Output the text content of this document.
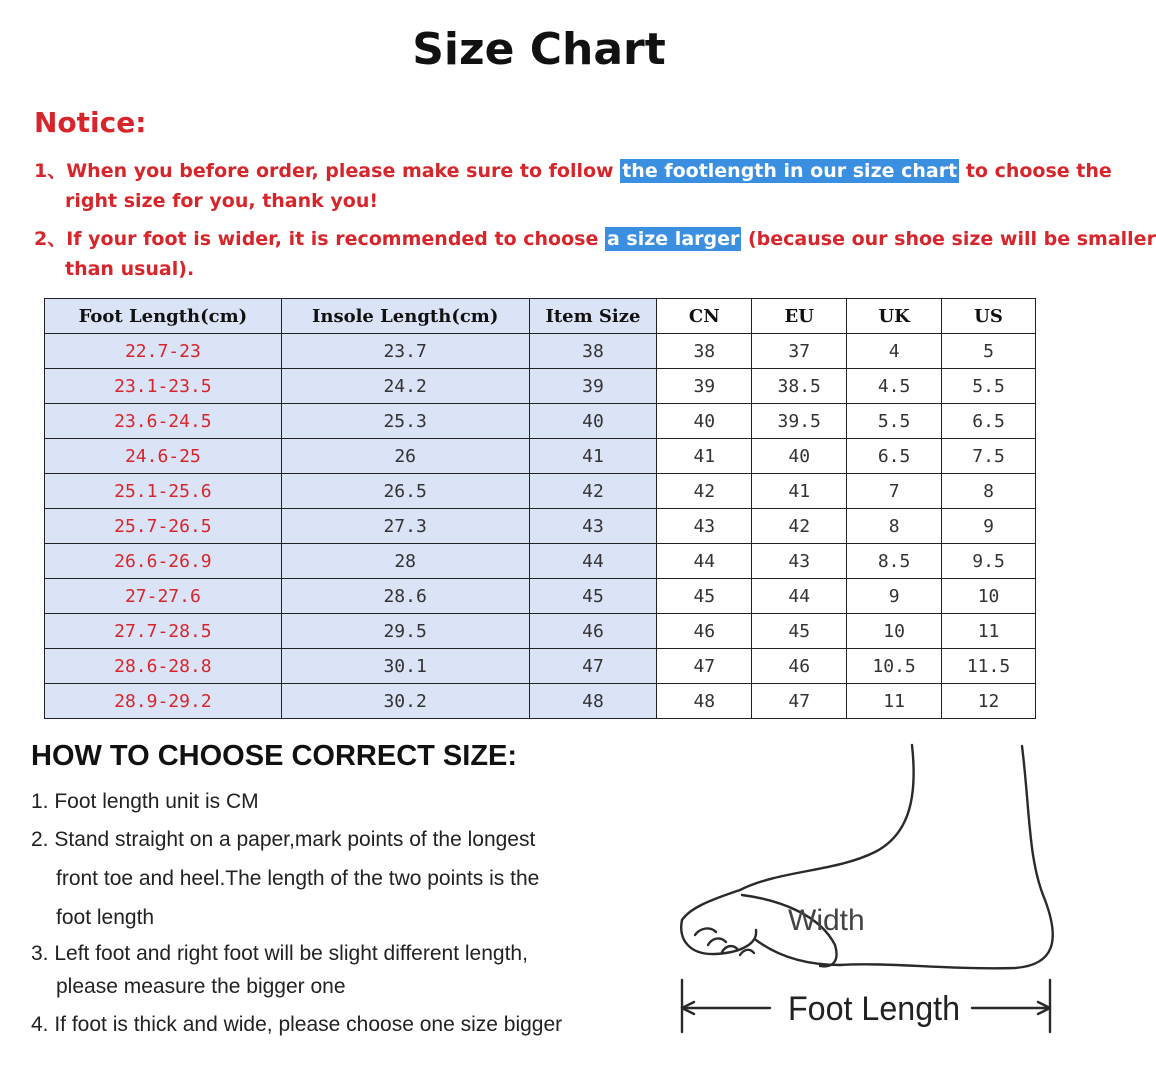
Size Chart
Notice:
1、When you before order, please make sure to follow the footlength in our size chart to choose the
right size for you, thank you!
2、If your foot is wider, it is recommended to choose a size larger (because our shoe size will be smaller
than usual).
Foot Length(cm)	Insole Length(cm)	Item Size	CN	EU	UK	US
22.7-23	23.7	38	38	37	4	5
23.1-23.5	24.2	39	39	38.5	4.5	5.5
23.6-24.5	25.3	40	40	39.5	5.5	6.5
24.6-25	26	41	41	40	6.5	7.5
25.1-25.6	26.5	42	42	41	7	8
25.7-26.5	27.3	43	43	42	8	9
26.6-26.9	28	44	44	43	8.5	9.5
27-27.6	28.6	45	45	44	9	10
27.7-28.5	29.5	46	46	45	10	11
28.6-28.8	30.1	47	47	46	10.5	11.5
28.9-29.2	30.2	48	48	47	11	12
HOW TO CHOOSE CORRECT SIZE:
1. Foot length unit is CM
2. Stand straight on a paper,mark points of the longest
front toe and heel.The length of the two points is the
foot length
3. Left foot and right foot will be slight different length,
please measure the bigger one
4. If foot is thick and wide, please choose one size bigger
Width
Foot Length
